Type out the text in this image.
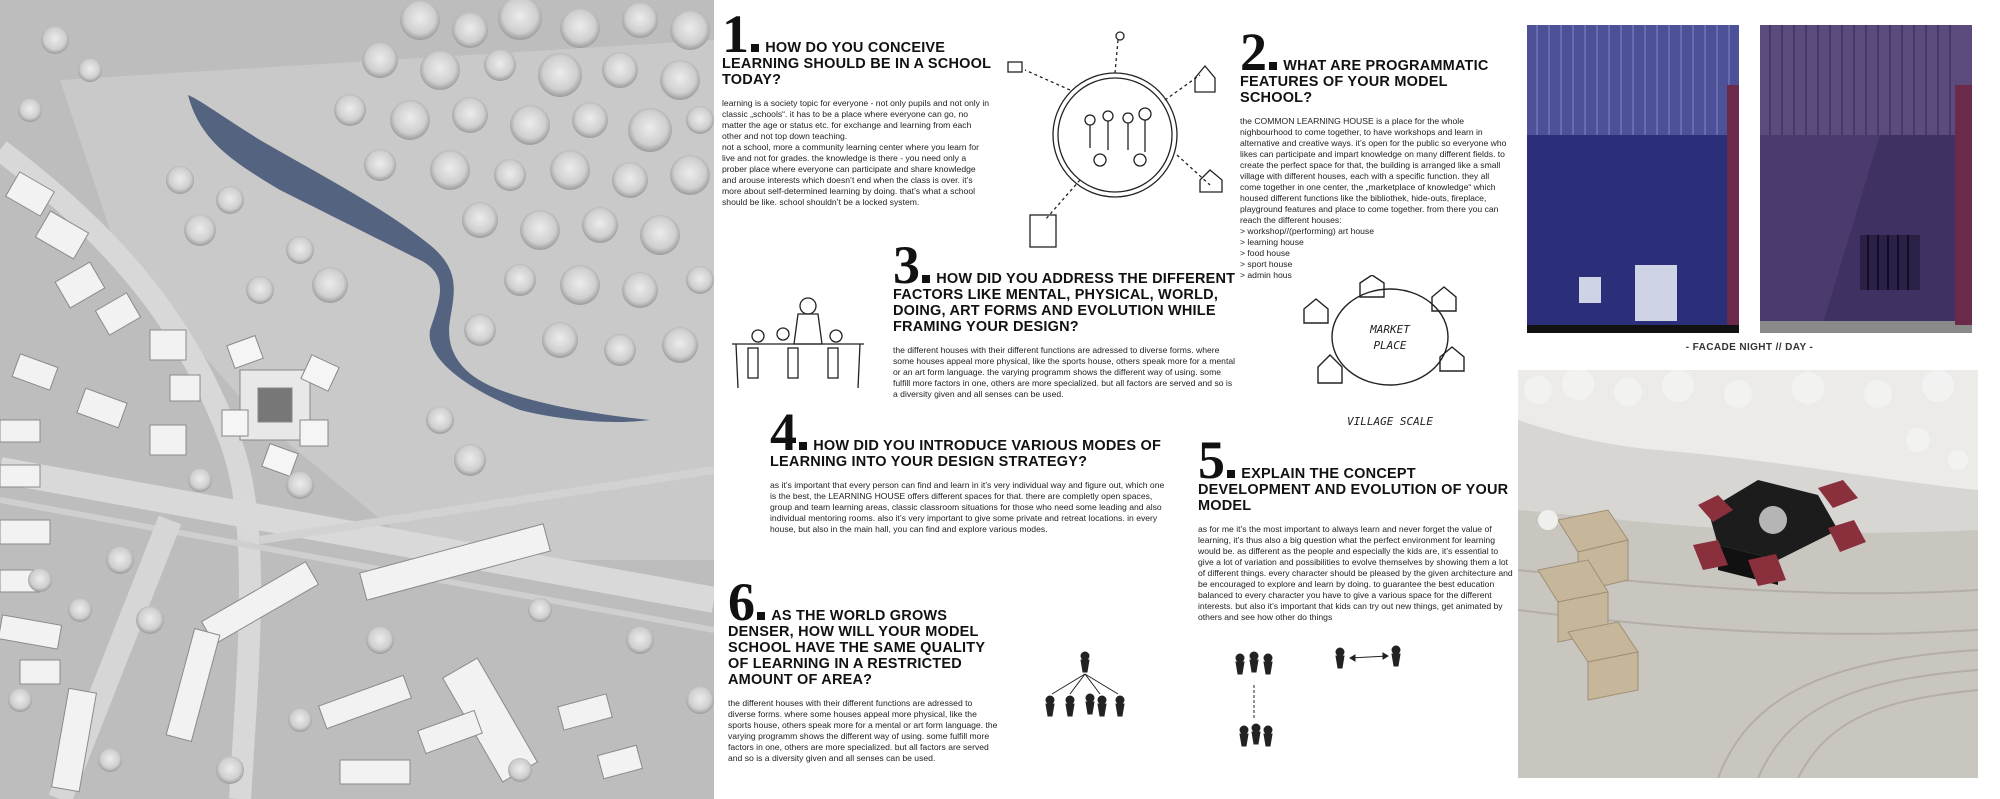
1 HOW DO YOU CONCEIVE LEARNING SHOULD BE IN A SCHOOL TODAY?
learning is a society topic for everyone - not only pupils and not only in classic „schools“. it has to be a place where everyone can go, no matter the age or status etc. for exchange and learning from each other and not top down teaching.
not a school, more a community learning center where you learn for live and not for grades. the knowledge is there - you need only a prober place where everyone can participate and share knowledge and arouse interests which doesn’t end when the class is over. it’s more about self-determined learning by doing. that’s what a school should be like. school shouldn’t be a locked system.
2 WHAT ARE PROGRAMMATIC FEATURES OF YOUR MODEL SCHOOL?

the COMMON LEARNING HOUSE is a place for the whole nighbourhood to come together, to have workshops and learn in alternative and creative ways. it’s open for the public so everyone who likes can participate and impart knowledge on many different fields. to create the perfect space for that, the building is arranged like a small village with different houses, each with a specific function. they all come together in one center, the „marketplace of knowledge“ which housed different functions like the bibliothek, hide-outs, fireplace, playground features and place to come together. from there you can reach the different houses:

> workshop//(performing) art house
> learning house
> food house
> sport house
> admin hous
3 HOW DID YOU ADDRESS THE DIFFERENT FACTORS LIKE MENTAL, PHYSICAL, WORLD, DOING, ART FORMS AND EVOLUTION WHILE FRAMING YOUR DESIGN?
the different houses with their different functions are adressed to diverse forms. where some houses appeal more physical, like the sports house, others speak more for a mental or an art form language. the varying programm shows the different way of using. some fulfill more factors in one, others are more specialized. but all factors are served and so is a diversity given and all senses can be used.
MARKET
PLACE
VILLAGE SCALE
4 HOW DID YOU INTRODUCE VARIOUS MODES OF LEARNING INTO YOUR DESIGN STRATEGY?
as it’s important that every person can find and learn in it’s very individual way and figure out, which one is the best, the LEARNING HOUSE offers different spaces for that. there are completly open spaces, group and team learning areas, classic classroom situations for those who need some leading and also individual mentoring rooms. also it’s very important to give some private and retreat locations. in every house, but also in the main hall, you can find and explore various modes.
5 EXPLAIN THE CONCEPT DEVELOPMENT AND EVOLUTION OF YOUR MODEL
as for me it’s the most important to always learn and never forget the value of learning, it’s thus also a big question what the perfect environment for learning would be. as different as the people and especially the kids are, it’s essential to give a lot of variation and possibilities to evolve themselves by showing them a lot of different things. every character should be pleased by the given architecture and be encouraged to explore and learn by doing. to guarantee the best education balanced to every character you have to give a various space for the different interests. but also it’s important that kids can try out new things, get animated by others and see how other do things
6 AS THE WORLD GROWS DENSER, HOW WILL YOUR MODEL SCHOOL HAVE THE SAME QUALITY OF LEARNING IN A RESTRICTED AMOUNT OF AREA?
the different houses with their different functions are adressed to diverse forms. where some houses appeal more physical, like the sports house, others speak more for a mental or art form language. the varying programm shows the different way of using. some fulfill more factors in one, others are more specialized. but all factors are served and so is a diversity given and all senses can be used.
- FACADE NIGHT // DAY -
